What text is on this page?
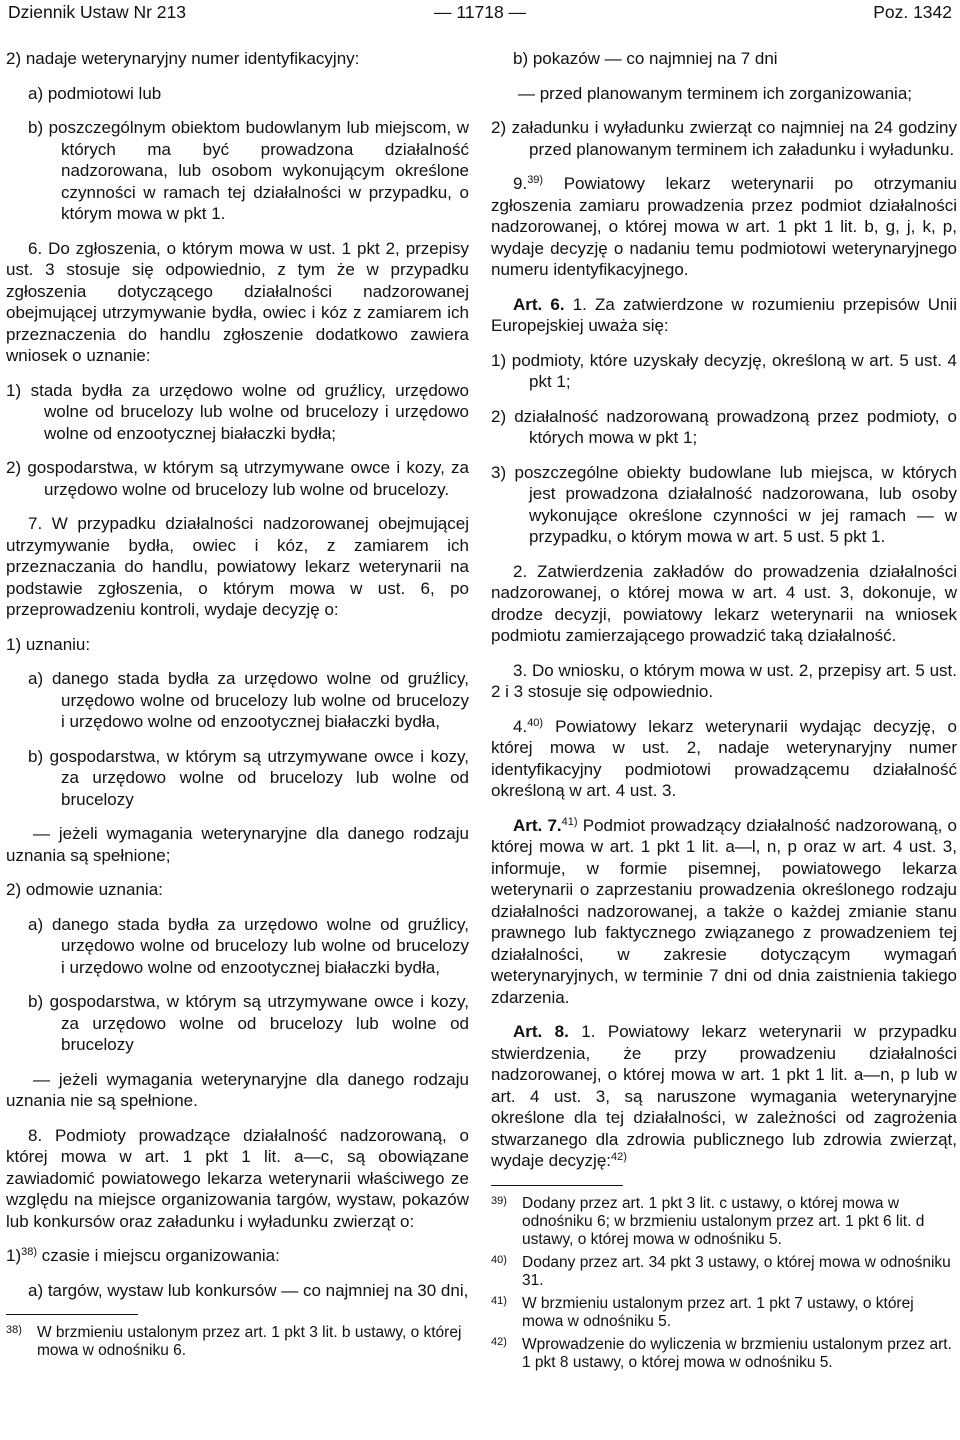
Dziennik Ustaw Nr 213	— 11718 —	Poz. 1342

2) nadaje weterynaryjny numer identyfikacyjny:

a) podmiotowi lub

b) poszczególnym obiektom budowlanym lub miejscom, w których ma być prowadzona działalność nadzorowana, lub osobom wykonującym określone czynności w ramach tej działalności w przypadku, o którym mowa w pkt 1.

6. Do zgłoszenia, o którym mowa w ust. 1 pkt 2, przepisy ust. 3 stosuje się odpowiednio, z tym że w przypadku zgłoszenia dotyczącego działalności nadzorowanej obejmującej utrzymywanie bydła, owiec i kóz z zamiarem ich przeznaczenia do handlu zgłoszenie dodatkowo zawiera wniosek o uznanie:

1) stada bydła za urzędowo wolne od gruźlicy, urzędowo wolne od brucelozy lub wolne od brucelozy i urzędowo wolne od enzootycznej białaczki bydła;

2) gospodarstwa, w którym są utrzymywane owce i kozy, za urzędowo wolne od brucelozy lub wolne od brucelozy.

7. W przypadku działalności nadzorowanej obejmującej utrzymywanie bydła, owiec i kóz, z zamiarem ich przeznaczania do handlu, powiatowy lekarz weterynarii na podstawie zgłoszenia, o którym mowa w ust. 6, po przeprowadzeniu kontroli, wydaje decyzję o:

1) uznaniu:

a) danego stada bydła za urzędowo wolne od gruźlicy, urzędowo wolne od brucelozy lub wolne od brucelozy i urzędowo wolne od enzootycznej białaczki bydła,

b) gospodarstwa, w którym są utrzymywane owce i kozy, za urzędowo wolne od brucelozy lub wolne od brucelozy

— jeżeli wymagania weterynaryjne dla danego rodzaju uznania są spełnione;

2) odmowie uznania:

a) danego stada bydła za urzędowo wolne od gruźlicy, urzędowo wolne od brucelozy lub wolne od brucelozy i urzędowo wolne od enzootycznej białaczki bydła,

b) gospodarstwa, w którym są utrzymywane owce i kozy, za urzędowo wolne od brucelozy lub wolne od brucelozy

— jeżeli wymagania weterynaryjne dla danego rodzaju uznania nie są spełnione.

8. Podmioty prowadzące działalność nadzorowaną, o której mowa w art. 1 pkt 1 lit. a—c, są obowiązane zawiadomić powiatowego lekarza weterynarii właściwego ze względu na miejsce organizowania targów, wystaw, pokazów lub konkursów oraz załadunku i wyładunku zwierząt o:

1)$^{38)}$ czasie i miejscu organizowania:

a) targów, wystaw lub konkursów — co najmniej na 30 dni,

38) W brzmieniu ustalonym przez art. 1 pkt 3 lit. b ustawy, o której mowa w odnośniku 6.

b) pokazów — co najmniej na 7 dni

— przed planowanym terminem ich zorganizowania;

2) załadunku i wyładunku zwierząt co najmniej na 24 godziny przed planowanym terminem ich załadunku i wyładunku.

9.$^{39)}$ Powiatowy lekarz weterynarii po otrzymaniu zgłoszenia zamiaru prowadzenia przez podmiot działalności nadzorowanej, o której mowa w art. 1 pkt 1 lit. b, g, j, k, p, wydaje decyzję o nadaniu temu podmiotowi weterynaryjnego numeru identyfikacyjnego.

Art. 6. 1. Za zatwierdzone w rozumieniu przepisów Unii Europejskiej uważa się:

1) podmioty, które uzyskały decyzję, określoną w art. 5 ust. 4 pkt 1;

2) działalność nadzorowaną prowadzoną przez podmioty, o których mowa w pkt 1;

3) poszczególne obiekty budowlane lub miejsca, w których jest prowadzona działalność nadzorowana, lub osoby wykonujące określone czynności w jej ramach — w przypadku, o którym mowa w art. 5 ust. 5 pkt 1.

2. Zatwierdzenia zakładów do prowadzenia działalności nadzorowanej, o której mowa w art. 4 ust. 3, dokonuje, w drodze decyzji, powiatowy lekarz weterynarii na wniosek podmiotu zamierzającego prowadzić taką działalność.

3. Do wniosku, o którym mowa w ust. 2, przepisy art. 5 ust. 2 i 3 stosuje się odpowiednio.

4.$^{40)}$ Powiatowy lekarz weterynarii wydając decyzję, o której mowa w ust. 2, nadaje weterynaryjny numer identyfikacyjny podmiotowi prowadzącemu działalność określoną w art. 4 ust. 3.

Art. 7.$^{41)}$ Podmiot prowadzący działalność nadzorowaną, o której mowa w art. 1 pkt 1 lit. a—l, n, p oraz w art. 4 ust. 3, informuje, w formie pisemnej, powiatowego lekarza weterynarii o zaprzestaniu prowadzenia określonego rodzaju działalności nadzorowanej, a także o każdej zmianie stanu prawnego lub faktycznego związanego z prowadzeniem tej działalności, w zakresie dotyczącym wymagań weterynaryjnych, w terminie 7 dni od dnia zaistnienia takiego zdarzenia.

Art. 8. 1. Powiatowy lekarz weterynarii w przypadku stwierdzenia, że przy prowadzeniu działalności nadzorowanej, o której mowa w art. 1 pkt 1 lit. a—n, p lub w art. 4 ust. 3, są naruszone wymagania weterynaryjne określone dla tej działalności, w zależności od zagrożenia stwarzanego dla zdrowia publicznego lub zdrowia zwierząt, wydaje decyzję:$^{42)}$

39) Dodany przez art. 1 pkt 3 lit. c ustawy, o której mowa w odnośniku 6; w brzmieniu ustalonym przez art. 1 pkt 6 lit. d ustawy, o której mowa w odnośniku 5.

40) Dodany przez art. 34 pkt 3 ustawy, o której mowa w odnośniku 31.

41) W brzmieniu ustalonym przez art. 1 pkt 7 ustawy, o której mowa w odnośniku 5.

42) Wprowadzenie do wyliczenia w brzmieniu ustalonym przez art. 1 pkt 8 ustawy, o której mowa w odnośniku 5.
